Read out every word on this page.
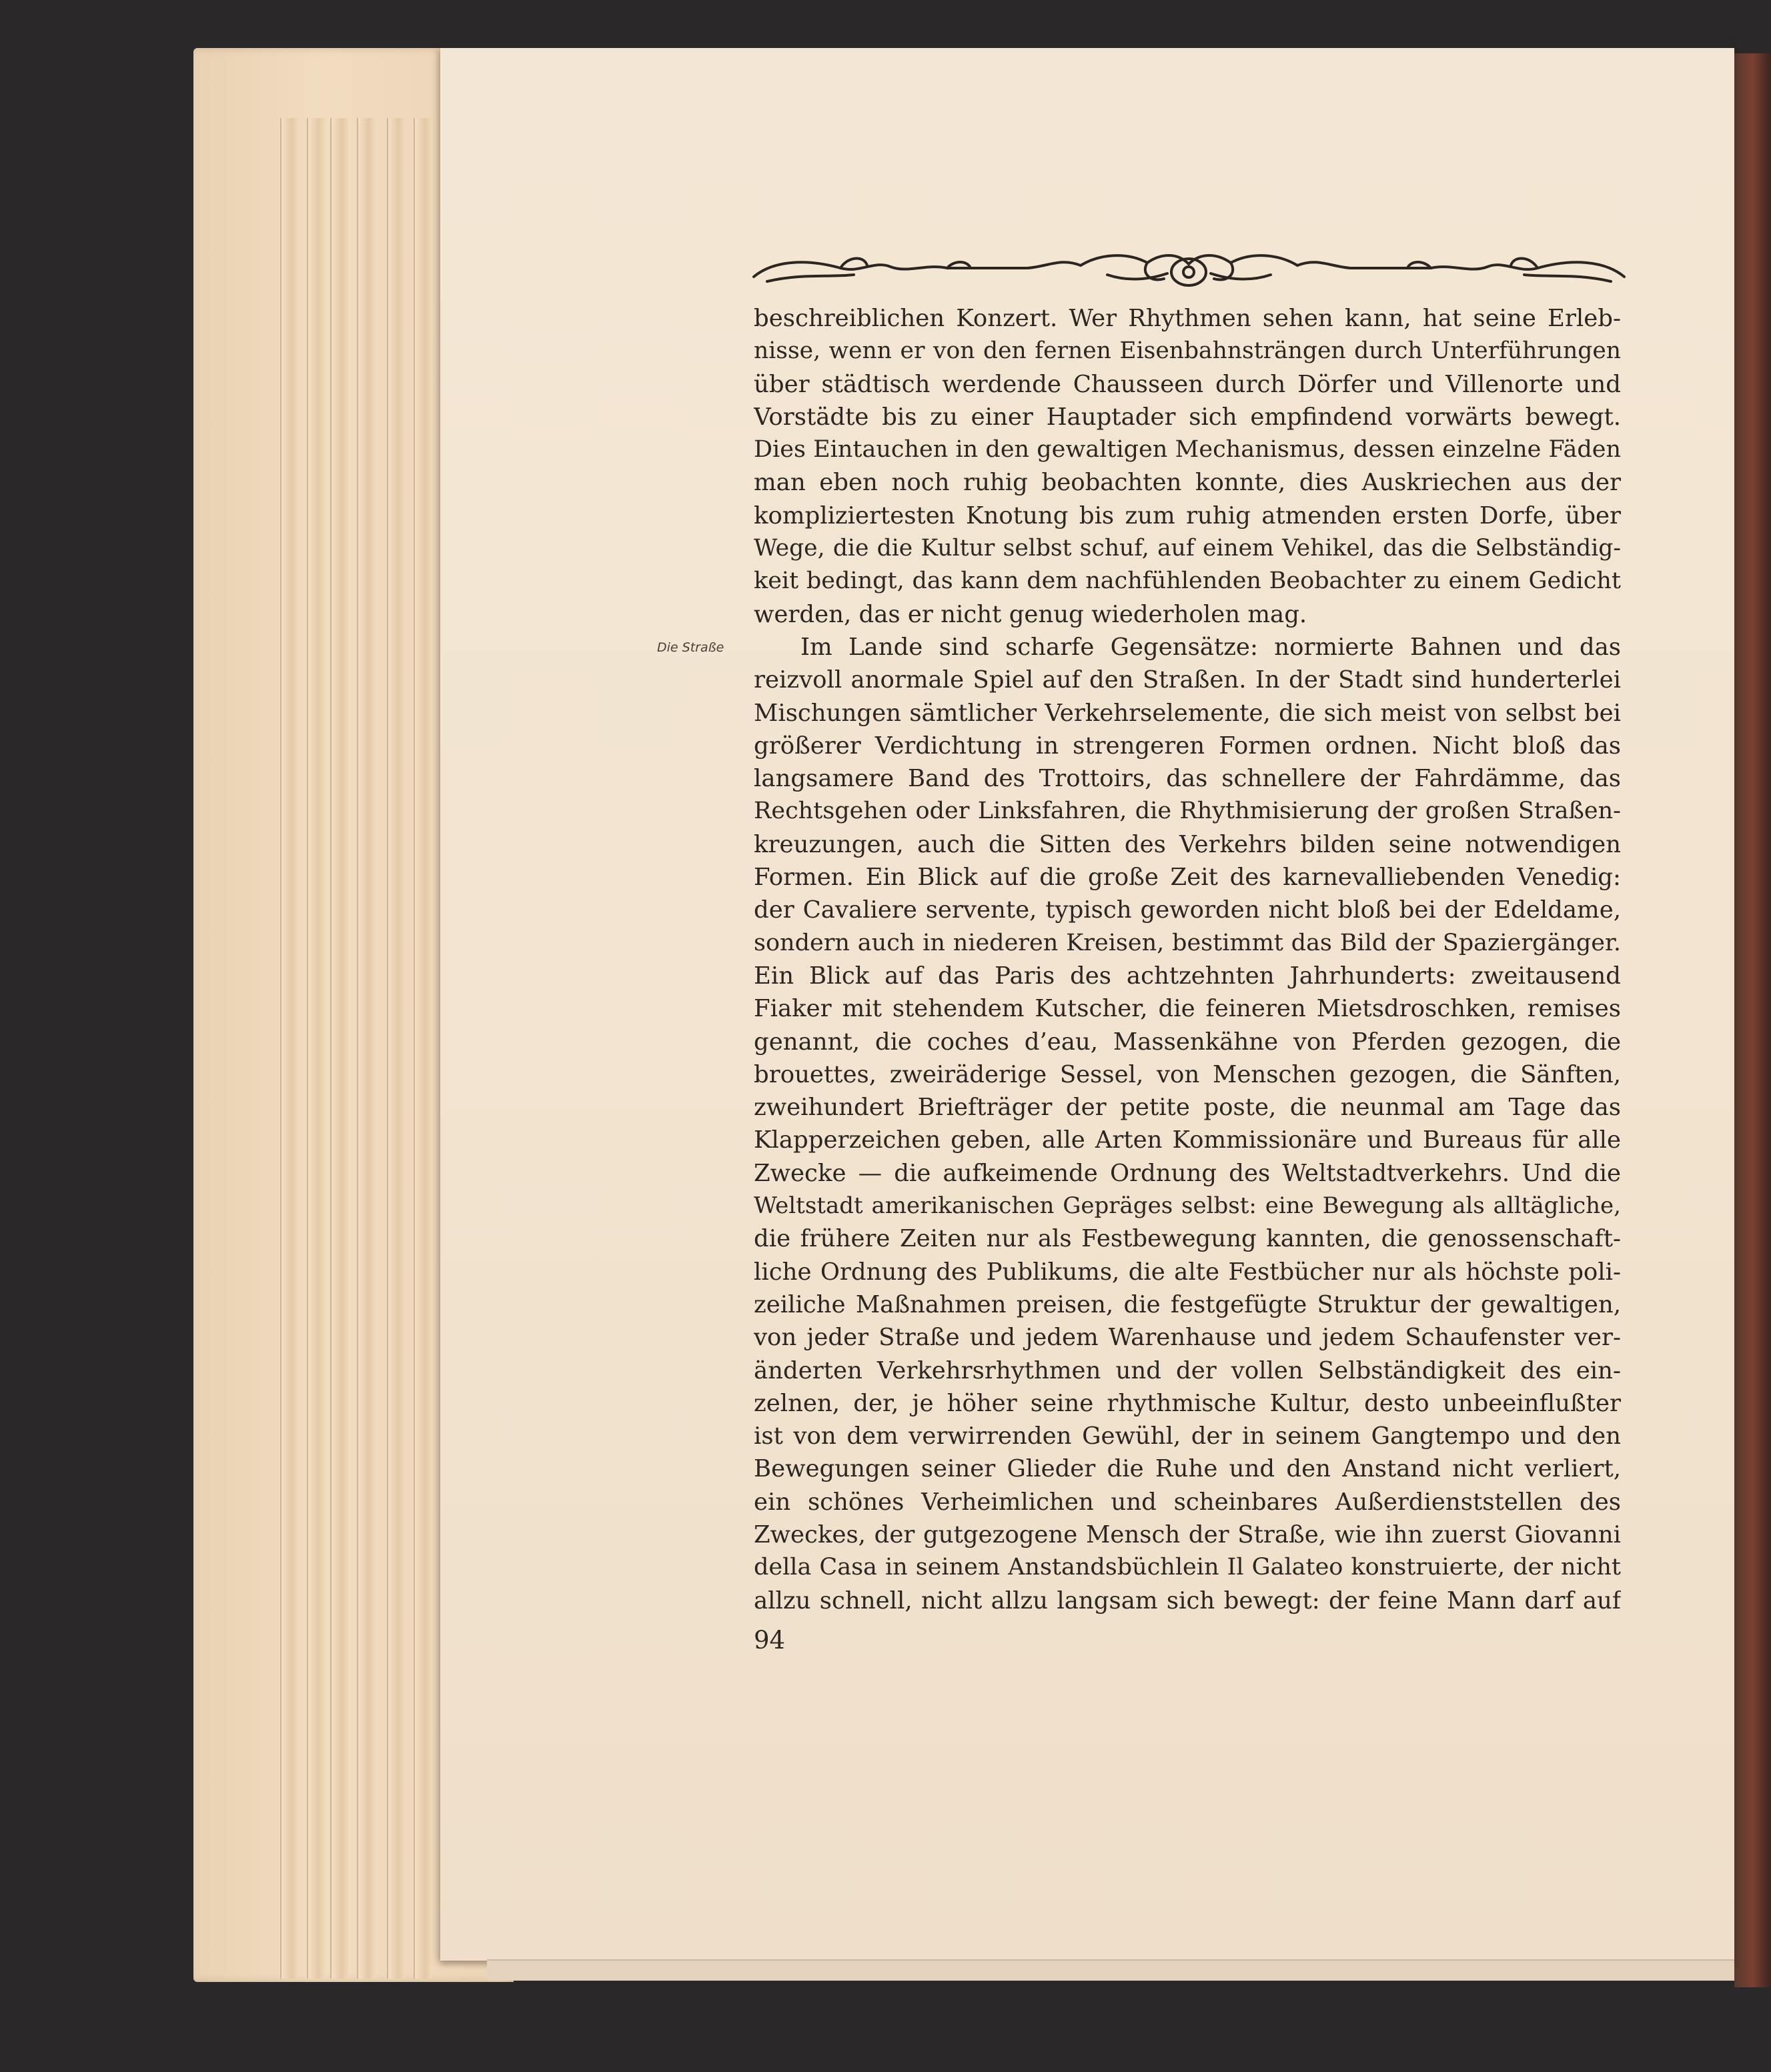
Die Straße
beschreiblichen Konzert. Wer Rhythmen sehen kann, hat seine Erleb-
nisse, wenn er von den fernen Eisenbahnsträngen durch Unterführungen
über städtisch werdende Chausseen durch Dörfer und Villenorte und
Vorstädte bis zu einer Hauptader sich empfindend vorwärts bewegt.
Dies Eintauchen in den gewaltigen Mechanismus, dessen einzelne Fäden
man eben noch ruhig beobachten konnte, dies Auskriechen aus der
kompliziertesten Knotung bis zum ruhig atmenden ersten Dorfe, über
Wege, die die Kultur selbst schuf, auf einem Vehikel, das die Selbständig-
keit bedingt, das kann dem nachfühlenden Beobachter zu einem Gedicht
werden, das er nicht genug wiederholen mag.
Im Lande sind scharfe Gegensätze: normierte Bahnen und das
reizvoll anormale Spiel auf den Straßen. In der Stadt sind hunderterlei
Mischungen sämtlicher Verkehrselemente, die sich meist von selbst bei
größerer Verdichtung in strengeren Formen ordnen. Nicht bloß das
langsamere Band des Trottoirs, das schnellere der Fahrdämme, das
Rechtsgehen oder Linksfahren, die Rhythmisierung der großen Straßen-
kreuzungen, auch die Sitten des Verkehrs bilden seine notwendigen
Formen. Ein Blick auf die große Zeit des karnevalliebenden Venedig:
der Cavaliere servente, typisch geworden nicht bloß bei der Edeldame,
sondern auch in niederen Kreisen, bestimmt das Bild der Spaziergänger.
Ein Blick auf das Paris des achtzehnten Jahrhunderts: zweitausend
Fiaker mit stehendem Kutscher, die feineren Mietsdroschken, remises
genannt, die coches d’eau, Massenkähne von Pferden gezogen, die
brouettes, zweiräderige Sessel, von Menschen gezogen, die Sänften,
zweihundert Briefträger der petite poste, die neunmal am Tage das
Klapperzeichen geben, alle Arten Kommissionäre und Bureaus für alle
Zwecke — die aufkeimende Ordnung des Weltstadtverkehrs. Und die
Weltstadt amerikanischen Gepräges selbst: eine Bewegung als alltägliche,
die frühere Zeiten nur als Festbewegung kannten, die genossenschaft-
liche Ordnung des Publikums, die alte Festbücher nur als höchste poli-
zeiliche Maßnahmen preisen, die festgefügte Struktur der gewaltigen,
von jeder Straße und jedem Warenhause und jedem Schaufenster ver-
änderten Verkehrsrhythmen und der vollen Selbständigkeit des ein-
zelnen, der, je höher seine rhythmische Kultur, desto unbeeinflußter
ist von dem verwirrenden Gewühl, der in seinem Gangtempo und den
Bewegungen seiner Glieder die Ruhe und den Anstand nicht verliert,
ein schönes Verheimlichen und scheinbares Außerdienststellen des
Zweckes, der gutgezogene Mensch der Straße, wie ihn zuerst Giovanni
della Casa in seinem Anstandsbüchlein Il Galateo konstruierte, der nicht
allzu schnell, nicht allzu langsam sich bewegt: der feine Mann darf auf
94
